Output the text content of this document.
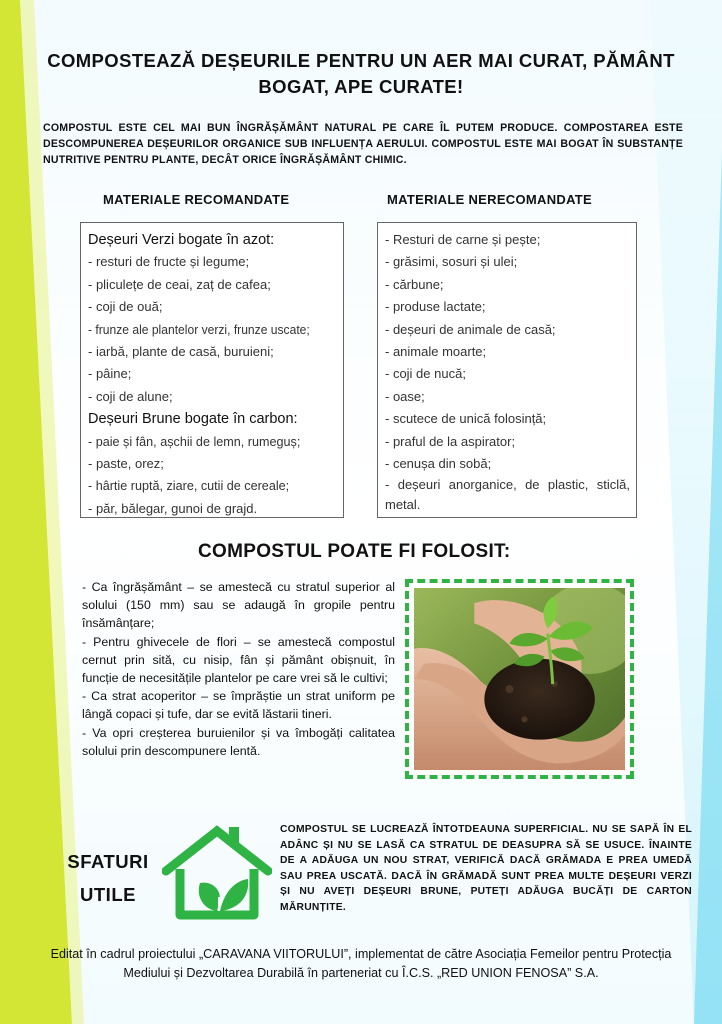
COMPOSTEAZĂ DEȘEURILE PENTRU UN AER MAI CURAT, PĂMÂNT BOGAT, APE CURATE!
COMPOSTUL ESTE CEL MAI BUN ÎNGRĂȘĂMÂNT NATURAL PE CARE ÎL PUTEM PRODUCE. COMPOSTAREA ESTE DESCOMPUNEREA DEȘEURILOR ORGANICE SUB INFLUENȚA AERULUI. COMPOSTUL ESTE MAI BOGAT ÎN SUBSTANȚE NUTRITIVE PENTRU PLANTE, DECÂT ORICE ÎNGRĂȘĂMÂNT CHIMIC.
MATERIALE RECOMANDATE	MATERIALE NERECOMANDATE
Deșeuri Verzi bogate în azot:
- resturi de fructe și legume;
- pliculețe de ceai, zaț de cafea;
- coji de ouă;
- frunze ale plantelor verzi, frunze uscate;
- iarbă, plante de casă, buruieni;
- pâine;
- coji de alune;
Deșeuri Brune bogate în carbon:
- paie și fân, așchii de lemn, rumeguș;
- paste, orez;
- hârtie ruptă, ziare, cutii de cereale;
- păr, bălegar, gunoi de grajd.
- Resturi de carne și pește;
- grăsimi, sosuri și ulei;
- cărbune;
- produse lactate;
- deșeuri de animale de casă;
- animale moarte;
- coji de nucă;
- oase;
- scutece de unică folosință;
- praful de la aspirator;
- cenușa din sobă;
- deșeuri anorganice, de plastic, sticlă, metal.
COMPOSTUL POATE FI FOLOSIT:

- Ca îngrășământ – se amestecă cu stratul superior al solului (150 mm) sau se adaugă în gropile pentru însămânțare;

- Pentru ghivecele de flori – se amestecă compostul cernut prin sită, cu nisip, fân și pământ obișnuit, în funcție de necesitățile plantelor pe care vrei să le cultivi;

- Ca strat acoperitor – se împrăștie un strat uniform pe lângă copaci și tufe, dar se evită lăstarii tineri.

- Va opri creșterea buruienilor și va îmbogăți calitatea solului prin descompunere lentă.

SFATURI
UTILE
COMPOSTUL SE LUCREAZĂ ÎNTOTDEAUNA SUPERFICIAL. NU SE SAPĂ ÎN EL ADÂNC ȘI NU SE LASĂ CA STRATUL DE DEASUPRA SĂ SE USUCE. ÎNAINTE DE A ADĂUGA UN NOU STRAT, VERIFICĂ DACĂ GRĂMADA E PREA UMEDĂ SAU PREA USCATĂ. DACĂ ÎN GRĂMADĂ SUNT PREA MULTE DEȘEURI VERZI ȘI NU AVEȚI DEȘEURI BRUNE, PUTEȚI ADĂUGA BUCĂȚI DE CARTON MĂRUNȚITE.
Editat în cadrul proiectului „CARAVANA VIITORULUI”, implementat de către Asociația Femeilor pentru Protecția Mediului și Dezvoltarea Durabilă în parteneriat cu Î.C.S. „RED UNION FENOSA” S.A.
